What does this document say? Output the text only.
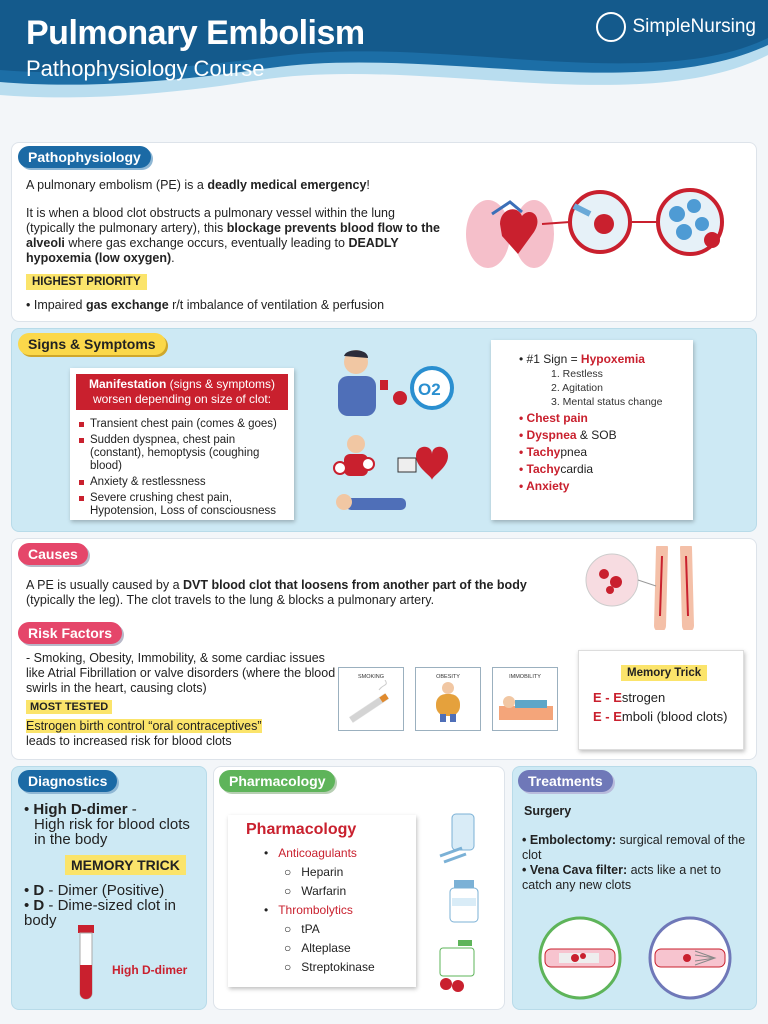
Pulmonary Embolism
Pathophysiology Course
SimpleNursing
Pathophysiology
A pulmonary embolism (PE) is a deadly medical emergency!
It is when a blood clot obstructs a pulmonary vessel within the lung (typically the pulmonary artery), this blockage prevents blood flow to the alveoli where gas exchange occurs, eventually leading to DEADLY hypoxemia (low oxygen).
HIGHEST PRIORITY
• Impaired gas exchange r/t imbalance of ventilation & perfusion
Signs & Symptoms
Manifestation (signs & symptoms) worsen depending on size of clot:
Transient chest pain (comes & goes)
Sudden dyspnea, chest pain (constant), hemoptysis (coughing blood)
Anxiety & restlessness
Severe crushing chest pain, Hypotension, Loss of consciousness
O2
• #1 Sign = Hypoxemia
1. Restless
2. Agitation
3. Mental status change
• Chest pain
• Dyspnea & SOB
• Tachypnea
• Tachycardia
• Anxiety
Causes
A PE is usually caused by a DVT blood clot that loosens from another part of the body (typically the leg). The clot travels to the lung & blocks a pulmonary artery.
Risk Factors
- Smoking, Obesity, Immobility, & some cardiac issues like Atrial Fibrillation or valve disorders (where the blood swirls in the heart, causing clots)
MOST TESTED
Estrogen birth control “oral contraceptives”
leads to increased risk for blood clots
SMOKING	OBESITY	IMMOBILITY	Memory Trick
E - Estrogen
E - Emboli (blood clots)
Diagnostics
• High D-dimer -

High risk for blood clots in the body
MEMORY TRICK
• D - Dimer (Positive)
• D - Dime-sized clot in body
High D-dimer
Pharmacology
Pharmacology
•   Anticoagulants
○   Heparin
○   Warfarin
•   Thrombolytics
○   tPA
○   Alteplase
○   Streptokinase
Treatments
Surgery
• Embolectomy: surgical removal of the clot
• Vena Cava filter: acts like a net to catch any new clots
